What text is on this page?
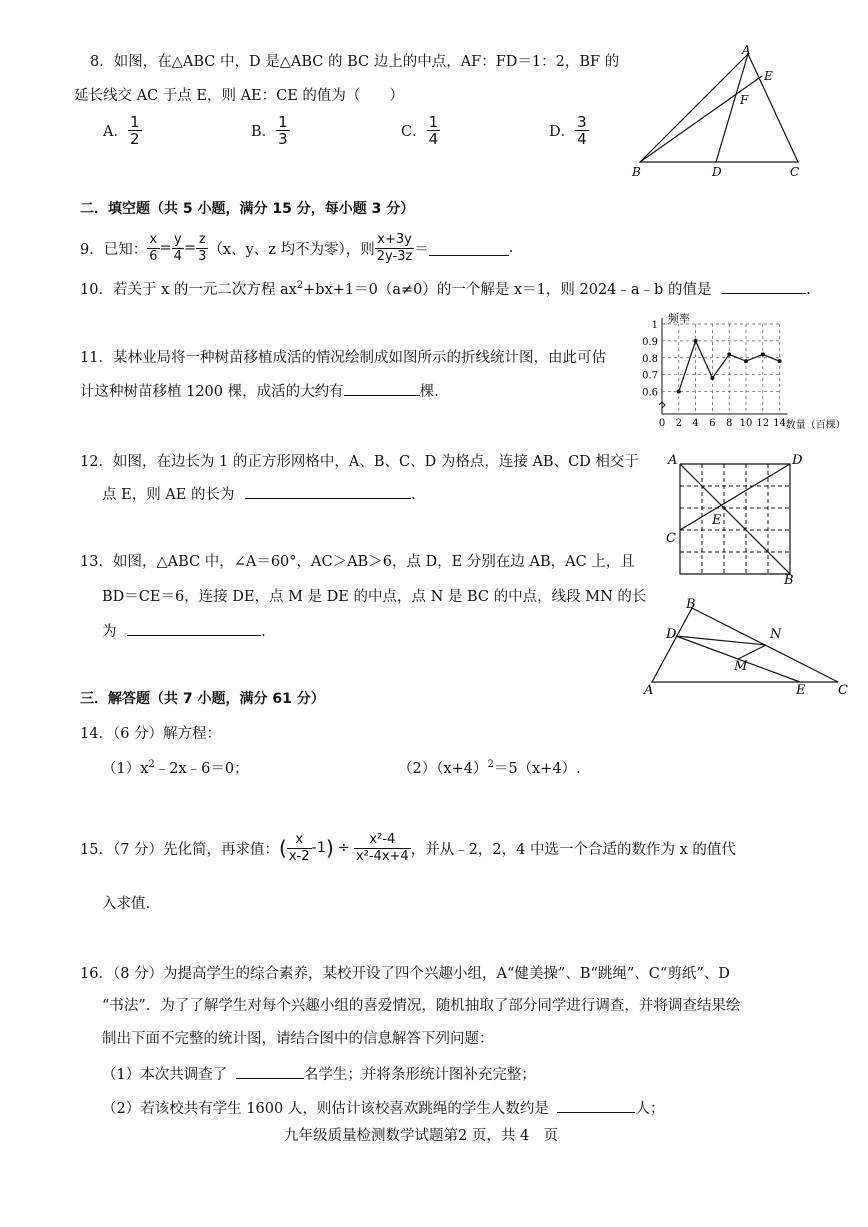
8．如图，在△ABC 中，D 是△ABC 的 BC 边上的中点，AF：FD＝1：2，BF 的
延长线交 AC 于点 E，则 AE：CE 的值为（　　）
A． $\frac{1}{2}$	B． $\frac{1}{3}$	C． $\frac{1}{4}$	D． $\frac{3}{4}$
A
E
F
B	D	C
二．填空题（共 5 小题，满分 15 分，每小题 3 分）
9．已知： $\frac{x}{6} = \frac{y}{4} = \frac{z}{3} (x$、y、z 均不为零），则 $\frac{x+3y}{2y-3z}$ ＝	.
10．若关于 x 的一元二次方程 $ax^2+bx+1=0(a\ne 0)$的一个解是 x＝1，则 2024﹣a﹣b 的值是	.
11．某林业局将一种树苗移植成活的情况绘制成如图所示的折线统计图，由此可估
计这种树苗移植 1200 棵，成活的大约有	棵.	0.6
0.7
0.8
0.9
1
0 2 4 6 8 10 12 14
频率
数量（百棵）
12．如图，在边长为 1 的正方形网格中，A、B、C、D 为格点，连接 AB、CD 相交于
点 E，则 AE 的长为	.
A	D
E
C
B
13．如图，△ABC 中，∠A＝60°，AC＞AB＞6，点 D，E 分别在边 AB，AC 上，且
BD＝CE＝6，连接 DE，点 M 是 DE 的中点，点 N 是 BC 的中点，线段 MN 的长
为	.
B
D	N
M
A	E	C
三．解答题（共 7 小题，满分 61 分）
14．（6 分）解方程：
$(1)x^2﹣2x﹣6=0$；	$(2)(x+4)^2=5(x+4)$.
15．（7 分）先化简，再求值： ( $\frac{x}{x-2} -1$ ) ÷ $\frac{\text{x²-4}}{\text{x²-4x+4}}$ ，并从﹣2，2，4 中选一个合适的数作为 x 的值代
入求值.
16．（8 分）为提高学生的综合素养，某校开设了四个兴趣小组，A“健美操”、B“跳绳”、C“剪纸”、D
“书法”．为了了解学生对每个兴趣小组的喜爱情况，随机抽取了部分同学进行调查，并将调查结果绘
制出下面不完整的统计图，请结合图中的信息解答下列问题：
（1）本次共调查了	名学生；并将条形统计图补充完整；
（2）若该校共有学生 1600 人，则估计该校喜欢跳绳的学生人数约是	人；
九年级质量检测数学试题第2 页，共 4　页
